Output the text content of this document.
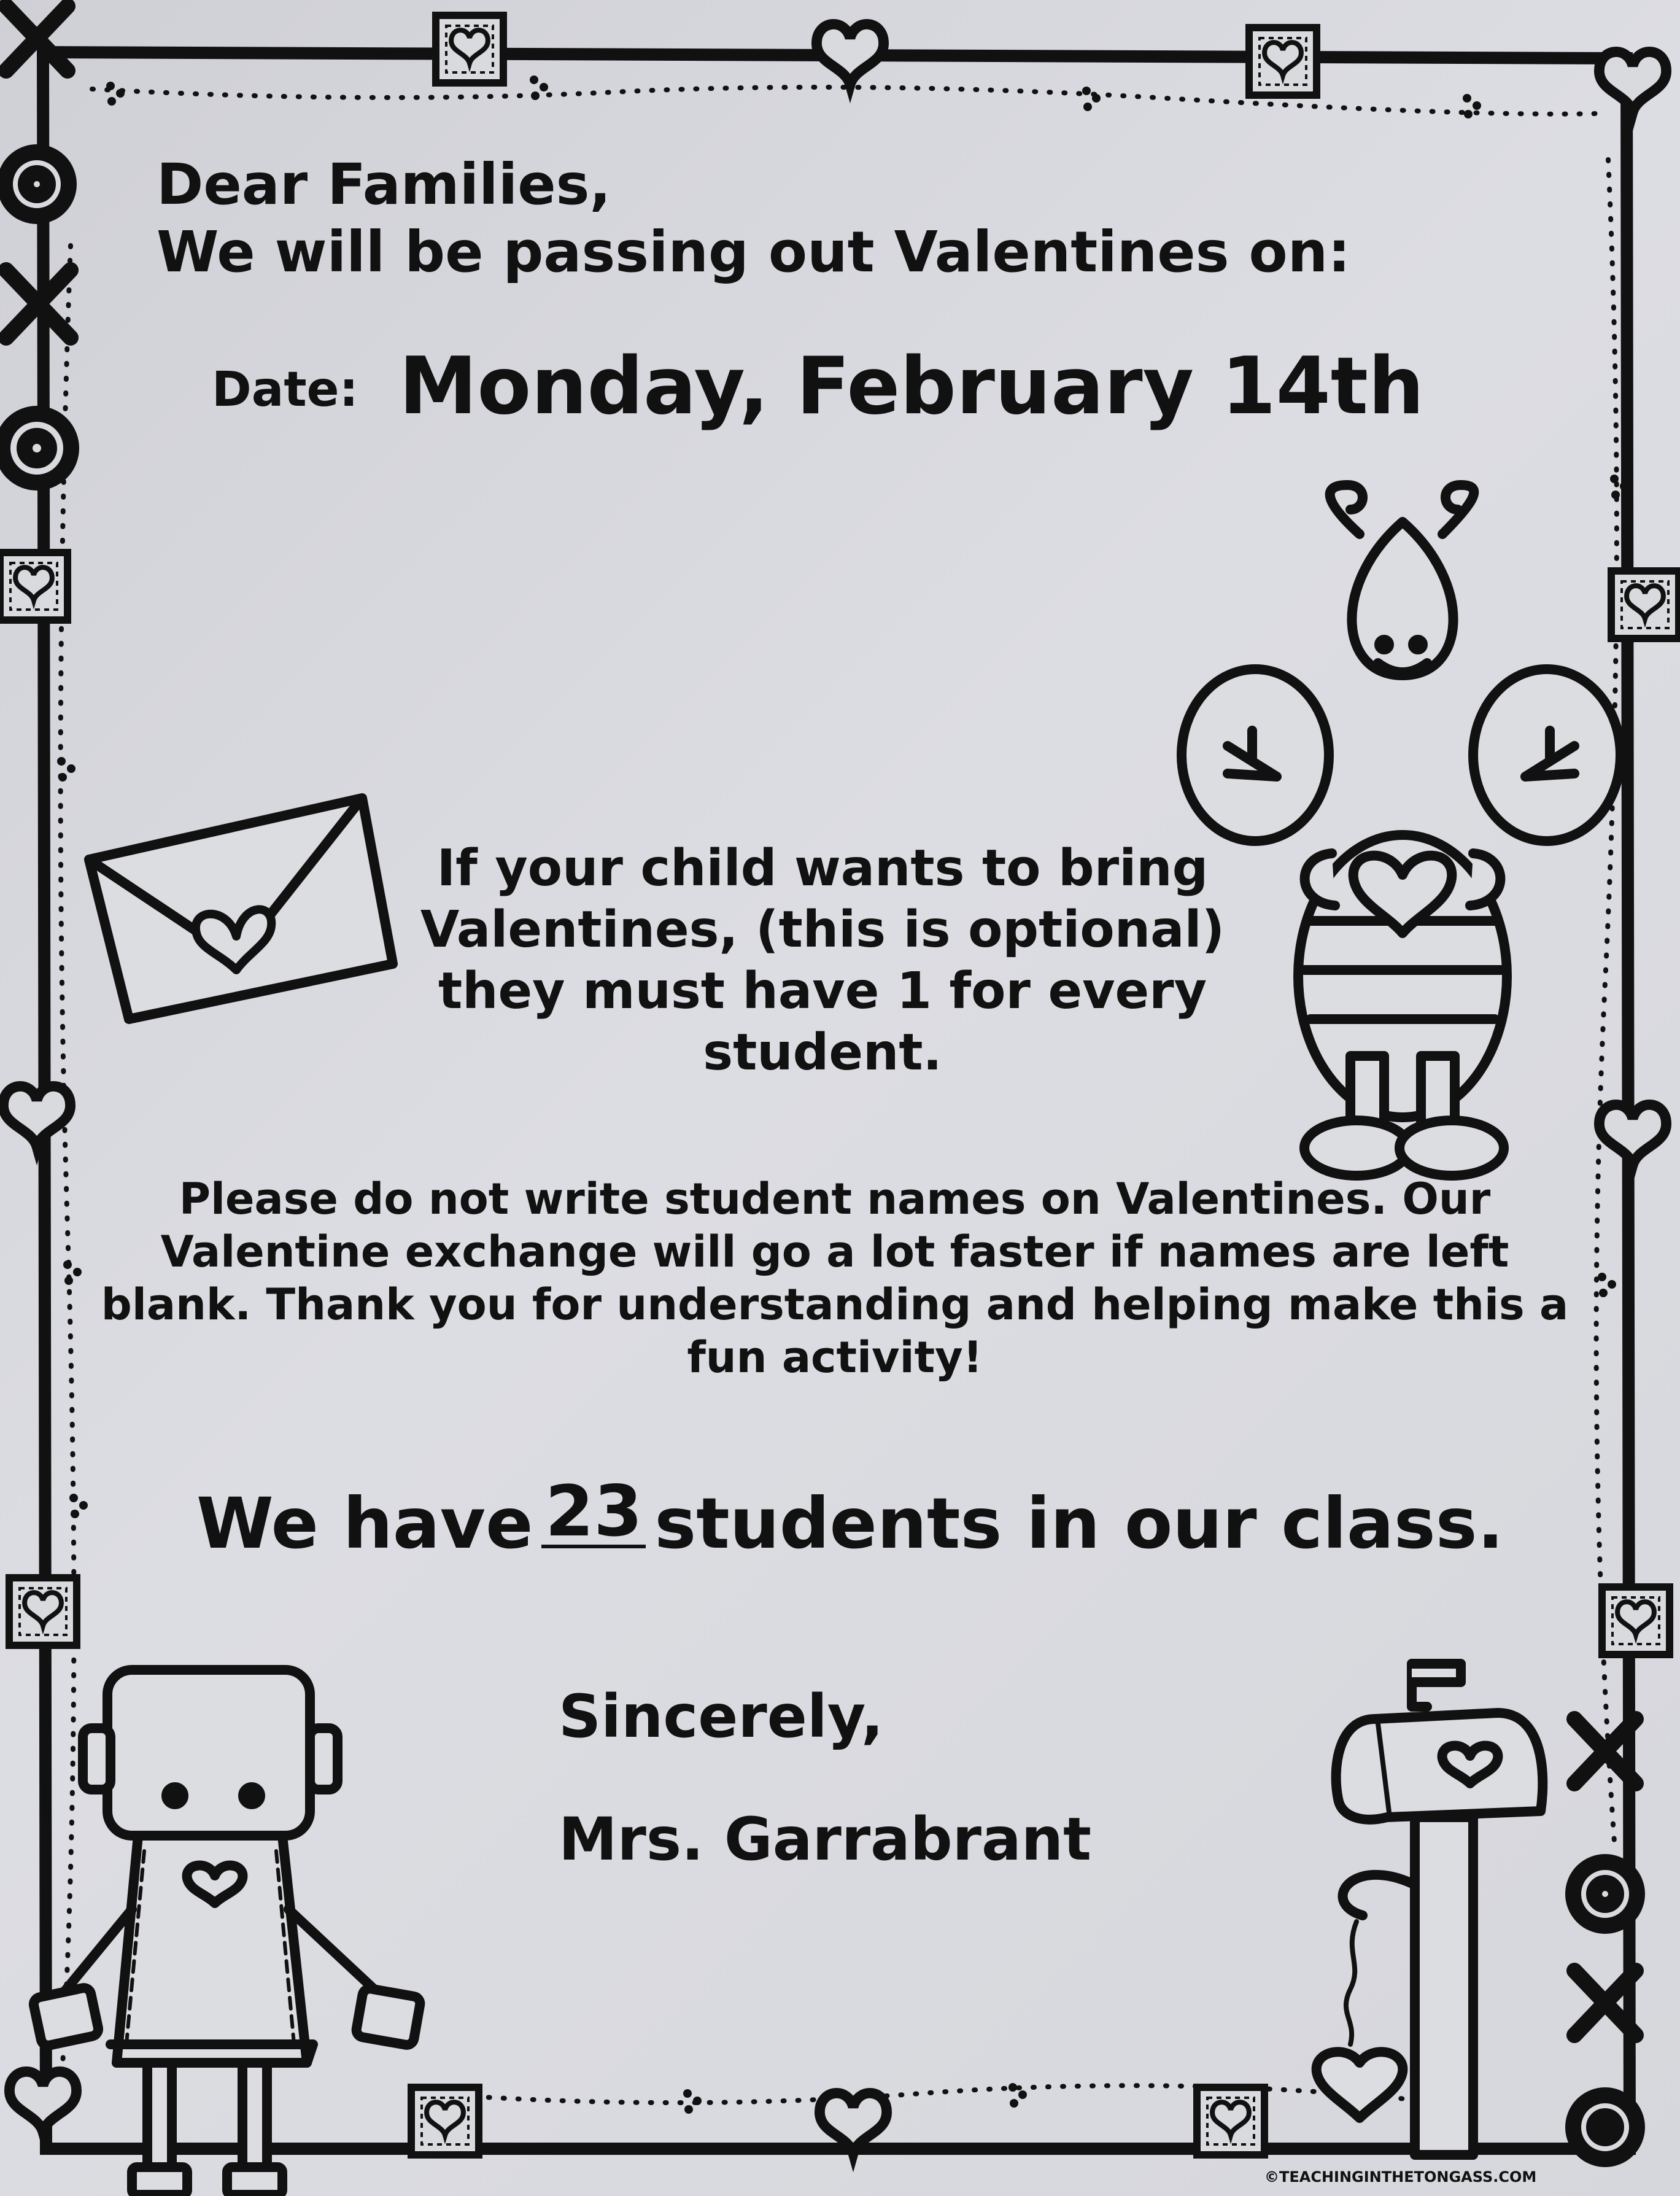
Dear Families,
We will be passing out Valentines on:
Date: Monday, February 14th
If your child wants to bring Valentines, (this is optional) they must have 1 for every student.
Please do not write student names on Valentines. Our Valentine exchange will go a lot faster if names are left blank. Thank you for understanding and helping make this a fun activity!
We have 23 students in our class.
Sincerely,
Mrs. Garrabrant
©TEACHINGINTHETONGASS.COM
